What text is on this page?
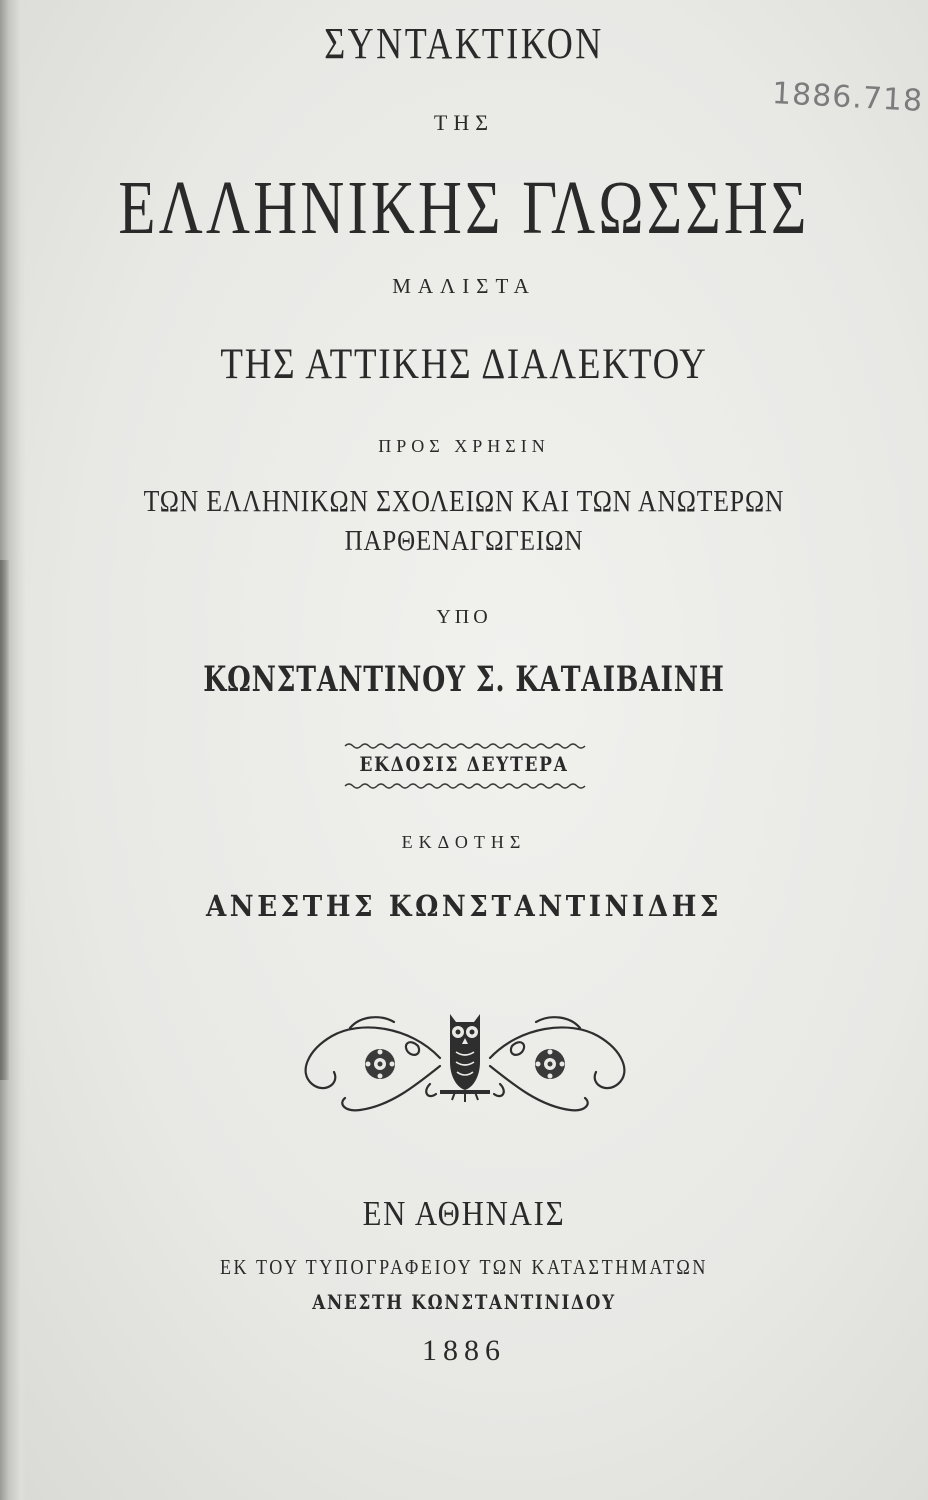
1886.718
ΣΥΝΤΑΚΤΙΚΟΝ
ΤΗΣ
ΕΛΛΗΝΙΚΗΣ ΓΛΩΣΣΗΣ
ΜΑΛΙΣΤΑ
ΤΗΣ ΑΤΤΙΚΗΣ ΔΙΑΛΕΚΤΟΥ
ΠΡΟΣ ΧΡΗΣΙΝ
ΤΩΝ ΕΛΛΗΝΙΚΩΝ ΣΧΟΛΕΙΩΝ ΚΑΙ ΤΩΝ ΑΝΩΤΕΡΩΝ
ΠΑΡΘΕΝΑΓΩΓΕΙΩΝ
ΥΠΟ
ΚΩΝΣΤΑΝΤΙΝΟΥ Σ. ΚΑΤΑΙΒΑΙΝΗ
ΕΚΔΟΣΙΣ ΔΕΥΤΕΡΑ
ΕΚΔΟΤΗΣ
ΑΝΕΣΤΗΣ ΚΩΝΣΤΑΝΤΙΝΙΔΗΣ
ΕΝ ΑΘΗΝΑΙΣ
ΕΚ ΤΟΥ ΤΥΠΟΓΡΑΦΕΙΟΥ ΤΩΝ ΚΑΤΑΣΤΗΜΑΤΩΝ
ΑΝΕΣΤΗ ΚΩΝΣΤΑΝΤΙΝΙΔΟΥ
1886
